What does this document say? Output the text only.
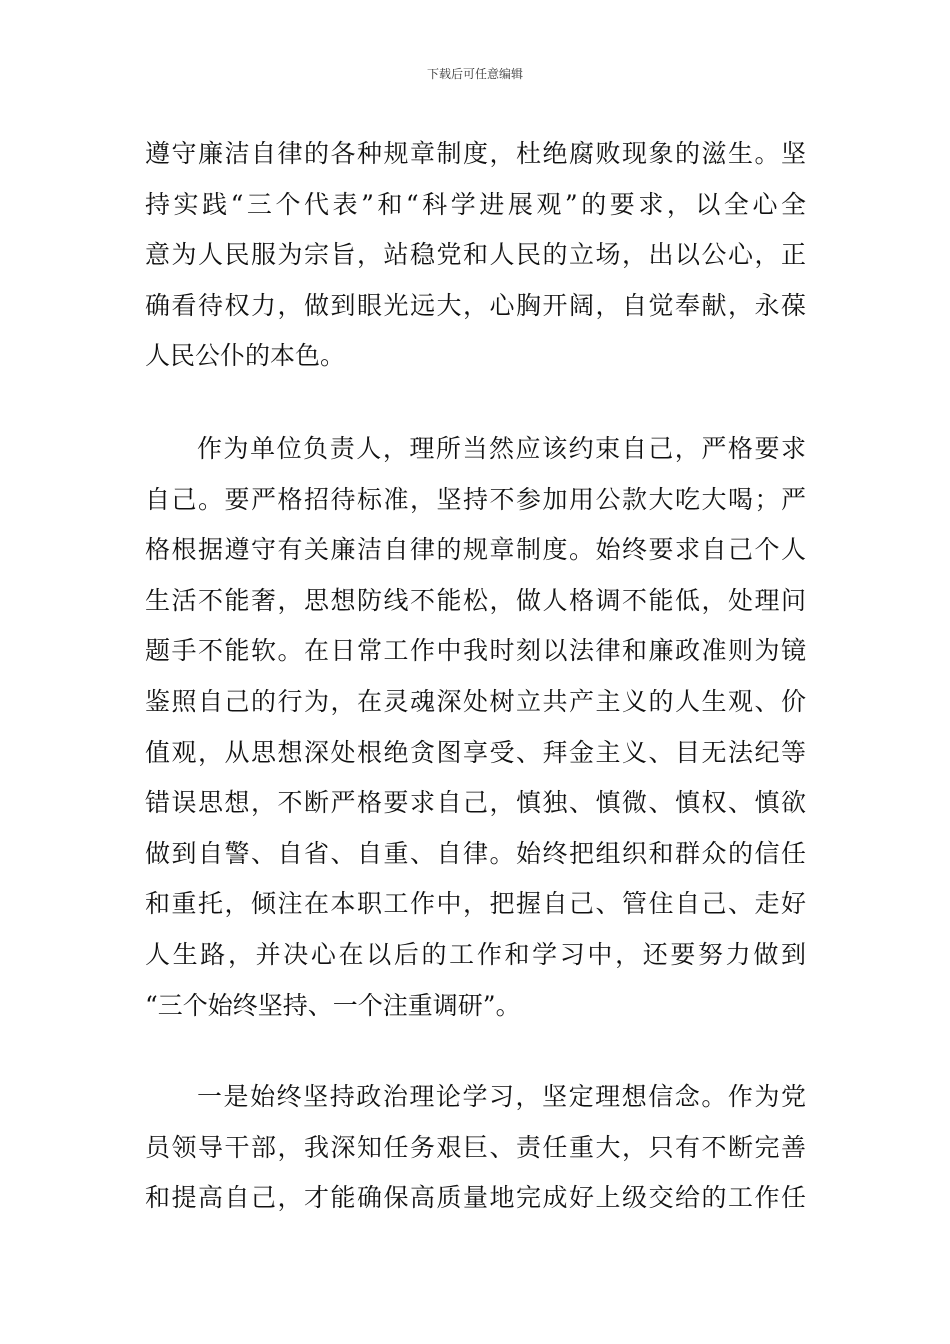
下载后可任意编辑
遵守廉洁自律的各种规章制度，杜绝腐败现象的滋生。坚
持实践“三个代表”和“科学进展观”的要求，以全心全
意为人民服为宗旨，站稳党和人民的立场，出以公心，正
确看待权力，做到眼光远大，心胸开阔，自觉奉献，永葆
人民公仆的本色。
作为单位负责人，理所当然应该约束自己，严格要求
自己。要严格招待标准，坚持不参加用公款大吃大喝；严
格根据遵守有关廉洁自律的规章制度。始终要求自己个人
生活不能奢，思想防线不能松，做人格调不能低，处理问
题手不能软。在日常工作中我时刻以法律和廉政准则为镜
鉴照自己的行为，在灵魂深处树立共产主义的人生观、价
值观，从思想深处根绝贪图享受、拜金主义、目无法纪等
错误思想，不断严格要求自己，慎独、慎微、慎权、慎欲
做到自警、自省、自重、自律。始终把组织和群众的信任
和重托，倾注在本职工作中，把握自己、管住自己、走好
人生路，并决心在以后的工作和学习中，还要努力做到
“三个始终坚持、一个注重调研”。
一是始终坚持政治理论学习，坚定理想信念。作为党
员领导干部，我深知任务艰巨、责任重大，只有不断完善
和提高自己，才能确保高质量地完成好上级交给的工作任
